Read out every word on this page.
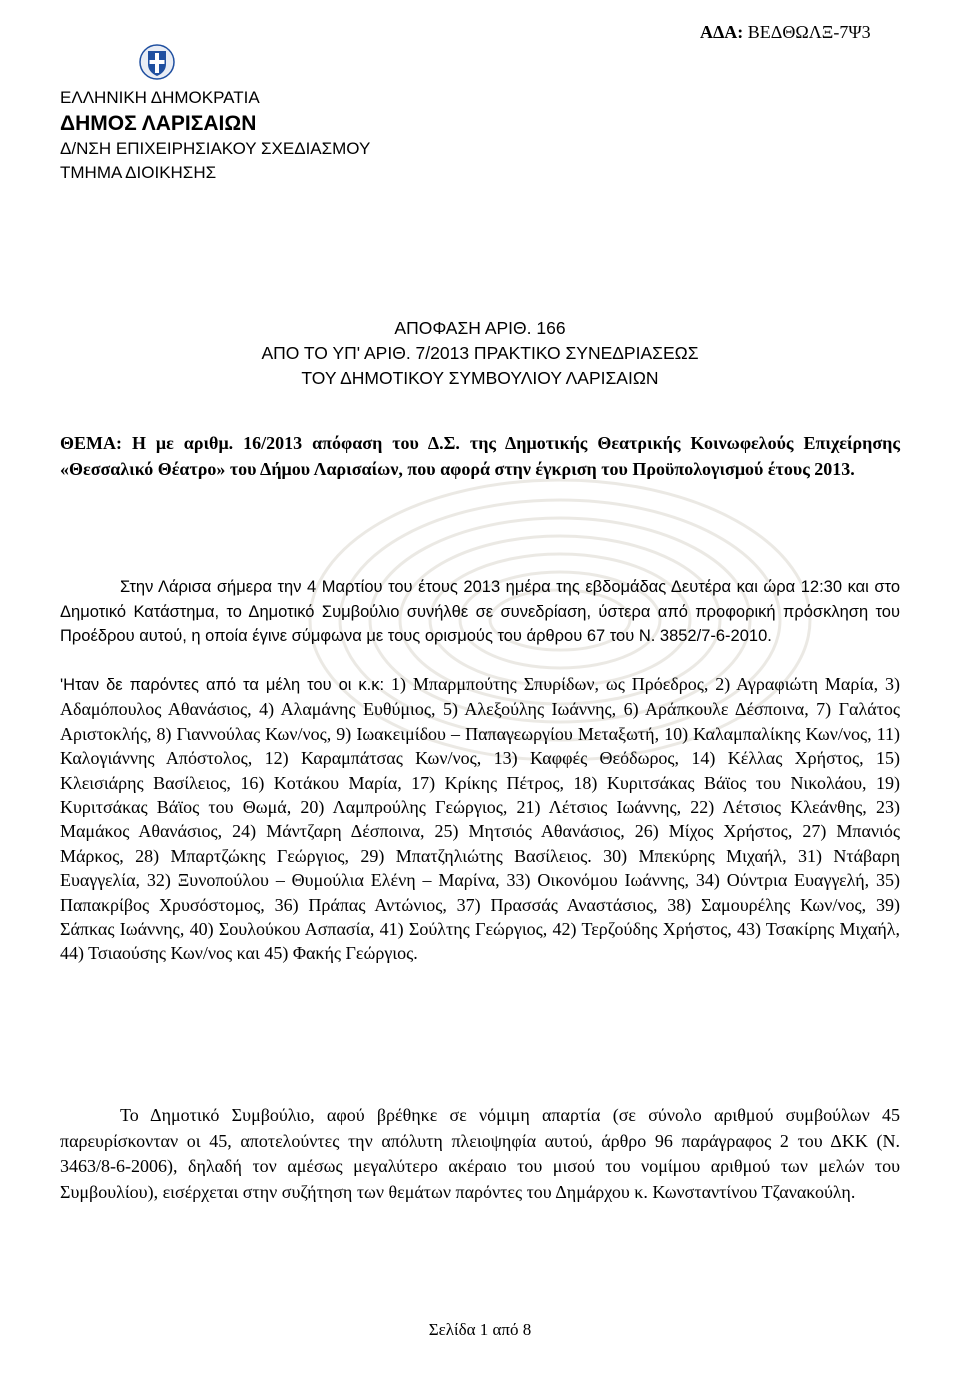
ΑΔΑ: ΒΕΔΘΩΛΞ-7Ψ3
ΕΛΛΗΝΙΚΗ ΔΗΜΟΚΡΑΤΙΑ
ΔΗΜΟΣ ΛΑΡΙΣΑΙΩΝ
Δ/ΝΣΗ ΕΠΙΧΕΙΡΗΣΙΑΚΟΥ ΣΧΕΔΙΑΣΜΟΥ
ΤΜΗΜΑ ΔΙΟΙΚΗΣΗΣ
ΑΠΟΦΑΣΗ ΑΡΙΘ. 166
ΑΠΟ ΤΟ ΥΠ' ΑΡΙΘ. 7/2013 ΠΡΑΚΤΙΚΟ ΣΥΝΕΔΡΙΑΣΕΩΣ
ΤΟΥ ΔΗΜΟΤΙΚΟΥ ΣΥΜΒΟΥΛΙΟΥ ΛΑΡΙΣΑΙΩΝ
ΘΕΜΑ: Η με αριθμ. 16/2013 απόφαση του Δ.Σ. της Δημοτικής Θεατρικής Κοινωφελούς Επιχείρησης «Θεσσαλικό Θέατρο» του Δήμου Λαρισαίων, που αφορά στην έγκριση του Προϋπολογισμού έτους 2013.
Στην Λάρισα σήμερα την 4 Μαρτίου του έτους 2013 ημέρα της εβδομάδας Δευτέρα και ώρα 12:30 και στο Δημοτικό Κατάστημα, το Δημοτικό Συμβούλιο συνήλθε σε συνεδρίαση, ύστερα από προφορική πρόσκληση του Προέδρου αυτού, η οποία έγινε σύμφωνα με τους ορισμούς του άρθρου 67 του Ν. 3852/7-6-2010.
'Ηταν δε παρόντες από τα μέλη του οι κ.κ: 1) Μπαρμπούτης Σπυρίδων, ως Πρόεδρος, 2) Αγραφιώτη Μαρία, 3) Αδαμόπουλος Αθανάσιος, 4) Αλαμάνης Ευθύμιος, 5) Αλεξούλης Ιωάννης, 6) Αράπκουλε Δέσποινα, 7) Γαλάτος Αριστοκλής, 8) Γιαννούλας Κων/νος, 9) Ιωακειμίδου – Παπαγεωργίου Μεταξωτή, 10) Καλαμπαλίκης Κων/νος, 11) Καλογιάννης Απόστολος, 12) Καραμπάτσας Κων/νος, 13) Καφφές Θεόδωρος, 14) Κέλλας Χρήστος, 15) Κλεισιάρης Βασίλειος, 16) Κοτάκου Μαρία, 17) Κρίκης Πέτρος, 18) Κυριτσάκας Βάϊος του Νικολάου, 19) Κυριτσάκας Βάϊος του Θωμά, 20) Λαμπρούλης Γεώργιος, 21) Λέτσιος Ιωάννης, 22) Λέτσιος Κλεάνθης, 23) Μαμάκος Αθανάσιος, 24) Μάντζαρη Δέσποινα, 25) Μητσιός Αθανάσιος, 26) Μίχος Χρήστος, 27) Μπανιός Μάρκος, 28) Μπαρτζώκης Γεώργιος, 29) Μπατζηλιώτης Βασίλειος. 30) Μπεκύρης Μιχαήλ, 31) Ντάβαρη Ευαγγελία, 32) Ξυνοπούλου – Θυμούλια Ελένη – Μαρίνα, 33) Οικονόμου Ιωάννης, 34) Ούντρια Ευαγγελή, 35) Παπακρίβος Χρυσόστομος, 36) Πράπας Αντώνιος, 37) Πρασσάς Αναστάσιος, 38) Σαμουρέλης Κων/νος, 39) Σάπκας Ιωάννης, 40) Σουλούκου Ασπασία, 41) Σούλτης Γεώργιος, 42) Τερζούδης Χρήστος, 43) Τσακίρης Μιχαήλ, 44) Τσιαούσης Κων/νος και 45) Φακής Γεώργιος.
Το Δημοτικό Συμβούλιο, αφού βρέθηκε σε νόμιμη απαρτία (σε σύνολο αριθμού συμβούλων 45 παρευρίσκονταν οι 45, αποτελούντες την απόλυτη πλειοψηφία αυτού, άρθρο 96 παράγραφος 2 του ΔΚΚ (Ν. 3463/8-6-2006), δηλαδή τον αμέσως μεγαλύτερο ακέραιο του μισού του νομίμου αριθμού των μελών του Συμβουλίου), εισέρχεται στην συζήτηση των θεμάτων παρόντες του Δημάρχου κ. Κωνσταντίνου Τζανακούλη.
Σελίδα 1 από 8
